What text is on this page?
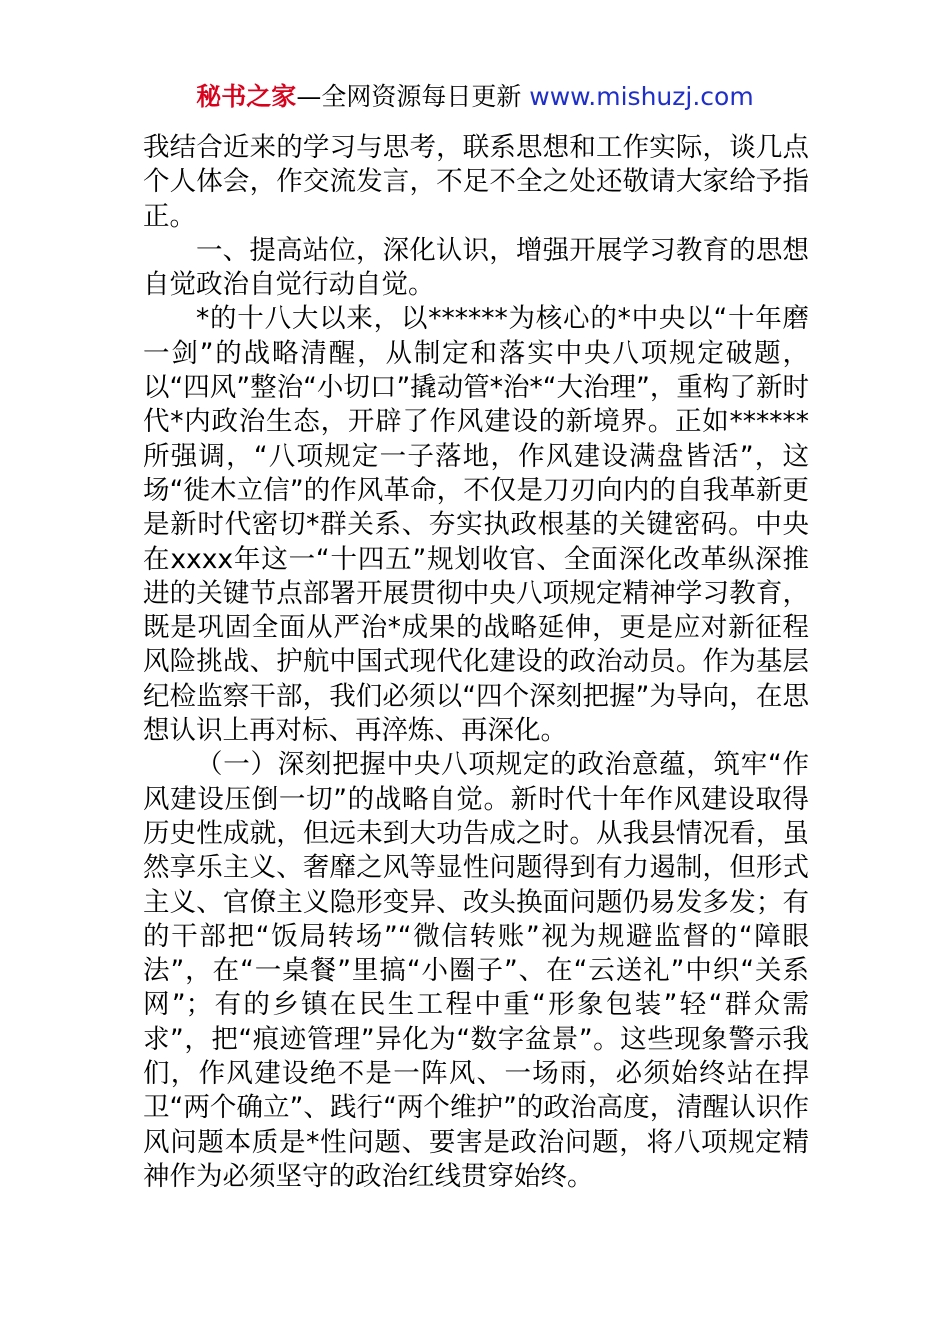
秘书之家—全网资源每日更新 www.mishuzj.com

我结合近来的学习与思考，联系思想和工作实际，谈几点个人体会，作交流发言，不足不全之处还敬请大家给予指正。

一、提高站位，深化认识，增强开展学习教育的思想自觉政治自觉行动自觉。

*的十八大以来，以******为核心的*中央以“十年磨一剑”的战略清醒，从制定和落实中央八项规定破题，以“四风”整治“小切口”撬动管*治*“大治理”，重构了新时代*内政治生态，开辟了作风建设的新境界。正如******所强调，“八项规定一子落地，作风建设满盘皆活”，这场“徙木立信”的作风革命，不仅是刀刃向内的自我革新更是新时代密切*群关系、夯实执政根基的关键密码。中央在xxxx年这一“十四五”规划收官、全面深化改革纵深推进的关键节点部署开展贯彻中央八项规定精神学习教育，既是巩固全面从严治*成果的战略延伸，更是应对新征程风险挑战、护航中国式现代化建设的政治动员。作为基层纪检监察干部，我们必须以“四个深刻把握”为导向，在思想认识上再对标、再淬炼、再深化。

（一）深刻把握中央八项规定的政治意蕴，筑牢“作风建设压倒一切”的战略自觉。新时代十年作风建设取得历史性成就，但远未到大功告成之时。从我县情况看，虽然享乐主义、奢靡之风等显性问题得到有力遏制，但形式主义、官僚主义隐形变异、改头换面问题仍易发多发；有的干部把“饭局转场”“微信转账”视为规避监督的“障眼法”，在“一桌餐”里搞“小圈子”、在“云送礼”中织“关系网”；有的乡镇在民生工程中重“形象包装”轻“群众需求”，把“痕迹管理”异化为“数字盆景”。这些现象警示我们，作风建设绝不是一阵风、一场雨，必须始终站在捍卫“两个确立”、践行“两个维护”的政治高度，清醒认识作风问题本质是*性问题、要害是政治问题，将八项规定精神作为必须坚守的政治红线贯穿始终。
